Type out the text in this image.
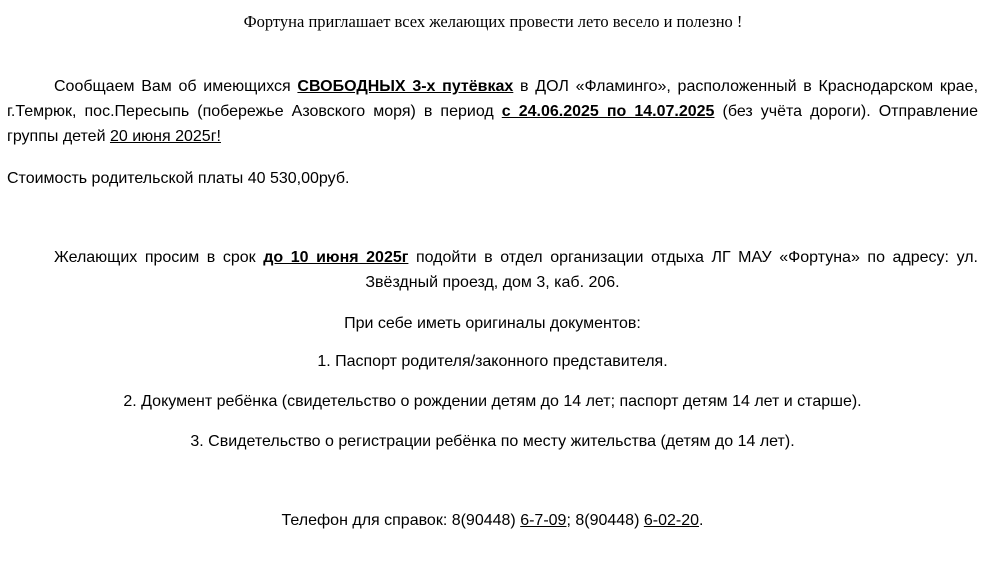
Фортуна приглашает всех желающих провести лето весело и полезно !
Сообщаем Вам об имеющихся СВОБОДНЫХ 3-х путёвках в ДОЛ «Фламинго», расположенный в Краснодарском крае, г.Темрюк, пос.Пересыпь (побережье Азовского моря) в период с 24.06.2025 по 14.07.2025 (без учёта дороги). Отправление группы детей 20 июня 2025г!
Стоимость родительской платы 40 530,00руб.
Желающих просим в срок до 10 июня 2025г подойти в отдел организации отдыха ЛГ МАУ «Фортуна» по адресу: ул. Звёздный проезд, дом 3, каб. 206.
При себе иметь оригиналы документов:
1. Паспорт родителя/законного представителя.
2. Документ ребёнка (свидетельство о рождении детям до 14 лет; паспорт детям 14 лет и старше).
3. Свидетельство о регистрации ребёнка по месту жительства (детям до 14 лет).
Телефон для справок: 8(90448) 6-7-09; 8(90448) 6-02-20.
